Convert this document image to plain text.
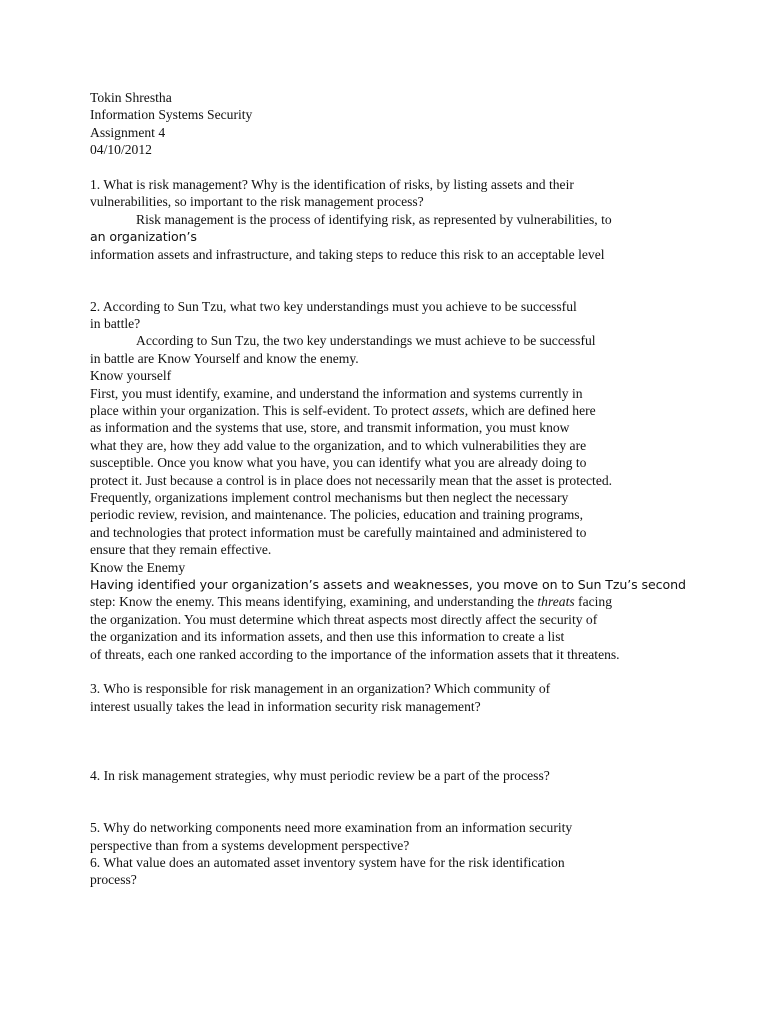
Tokin Shrestha
Information Systems Security
Assignment 4
04/10/2012
1. What is risk management? Why is the identification of risks, by listing assets and their
vulnerabilities, so important to the risk management process?
Risk management is the process of identifying risk, as represented by vulnerabilities, to
an organization’s
information assets and infrastructure, and taking steps to reduce this risk to an acceptable level
2. According to Sun Tzu, what two key understandings must you achieve to be successful
in battle?
According to Sun Tzu, the two key understandings we must achieve to be successful
in battle are Know Yourself and know the enemy.
Know yourself
First, you must identify, examine, and understand the information and systems currently in
place within your organization. This is self-evident. To protect assets, which are defined here
as information and the systems that use, store, and transmit information, you must know
what they are, how they add value to the organization, and to which vulnerabilities they are
susceptible. Once you know what you have, you can identify what you are already doing to
protect it. Just because a control is in place does not necessarily mean that the asset is protected.
Frequently, organizations implement control mechanisms but then neglect the necessary
periodic review, revision, and maintenance. The policies, education and training programs,
and technologies that protect information must be carefully maintained and administered to
ensure that they remain effective.
Know the Enemy
Having identified your organization’s assets and weaknesses, you move on to Sun Tzu’s second
step: Know the enemy. This means identifying, examining, and understanding the threats facing
the organization. You must determine which threat aspects most directly affect the security of
the organization and its information assets, and then use this information to create a list
of threats, each one ranked according to the importance of the information assets that it threatens.
3. Who is responsible for risk management in an organization? Which community of
interest usually takes the lead in information security risk management?
4. In risk management strategies, why must periodic review be a part of the process?
5. Why do networking components need more examination from an information security
perspective than from a systems development perspective?
6. What value does an automated asset inventory system have for the risk identification
process?
